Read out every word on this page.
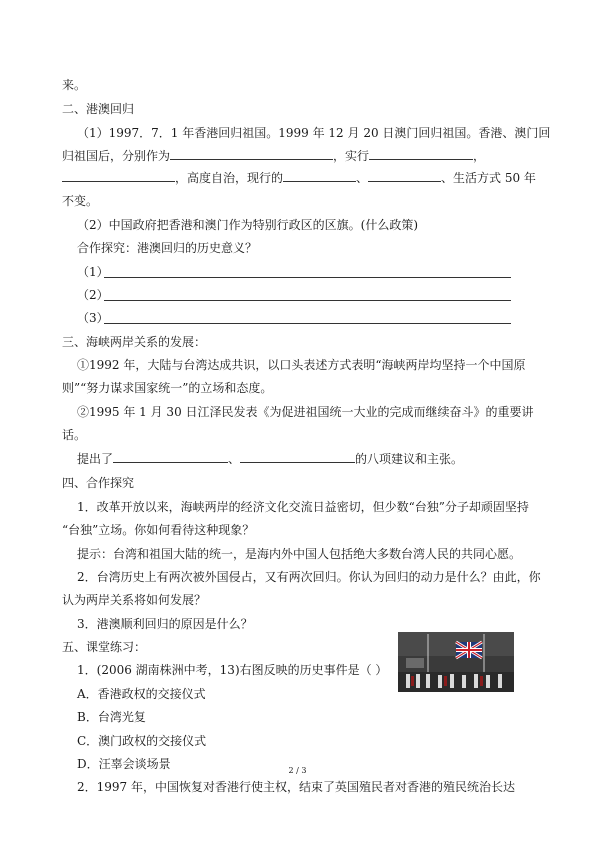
来。
二、港澳回归
（1）1997．7．1 年香港回归祖国。1999 年 12 月 20 日澳门回归祖国。香港、澳门回
归祖国后，分别作为	，实行	，
，高度自治，现行的	、	、生活方式 50 年
不变。
（2）中国政府把香港和澳门作为特别行政区的区旗。(什么政策)
合作探究：港澳回归的历史意义？
（1）
（2）
（3）
三、海峡两岸关系的发展：
①1992 年，大陆与台湾达成共识，以口头表述方式表明“海峡两岸均坚持一个中国原
则”“努力谋求国家统一”的立场和态度。
②1995 年 1 月 30 日江泽民发表《为促进祖国统一大业的完成而继续奋斗》的重要讲
话。
提出了	、	的八项建议和主张。
四、合作探究
1．改革开放以来，海峡两岸的经济文化交流日益密切，但少数“台独”分子却顽固坚持
“台独”立场。你如何看待这种现象？
提示：台湾和祖国大陆的统一，是海内外中国人包括绝大多数台湾人民的共同心愿。
2．台湾历史上有两次被外国侵占，又有两次回归。你认为回归的动力是什么？由此，你
认为两岸关系将如何发展？
3．港澳顺利回归的原因是什么？
五、课堂练习：
1．(2006 湖南株洲中考，13)右图反映的历史事件是（ ）
A．香港政权的交接仪式
B．台湾光复
C．澳门政权的交接仪式
D．汪辜会谈场景
2．1997 年，中国恢复对香港行使主权，结束了英国殖民者对香港的殖民统治长达
2 / 3
